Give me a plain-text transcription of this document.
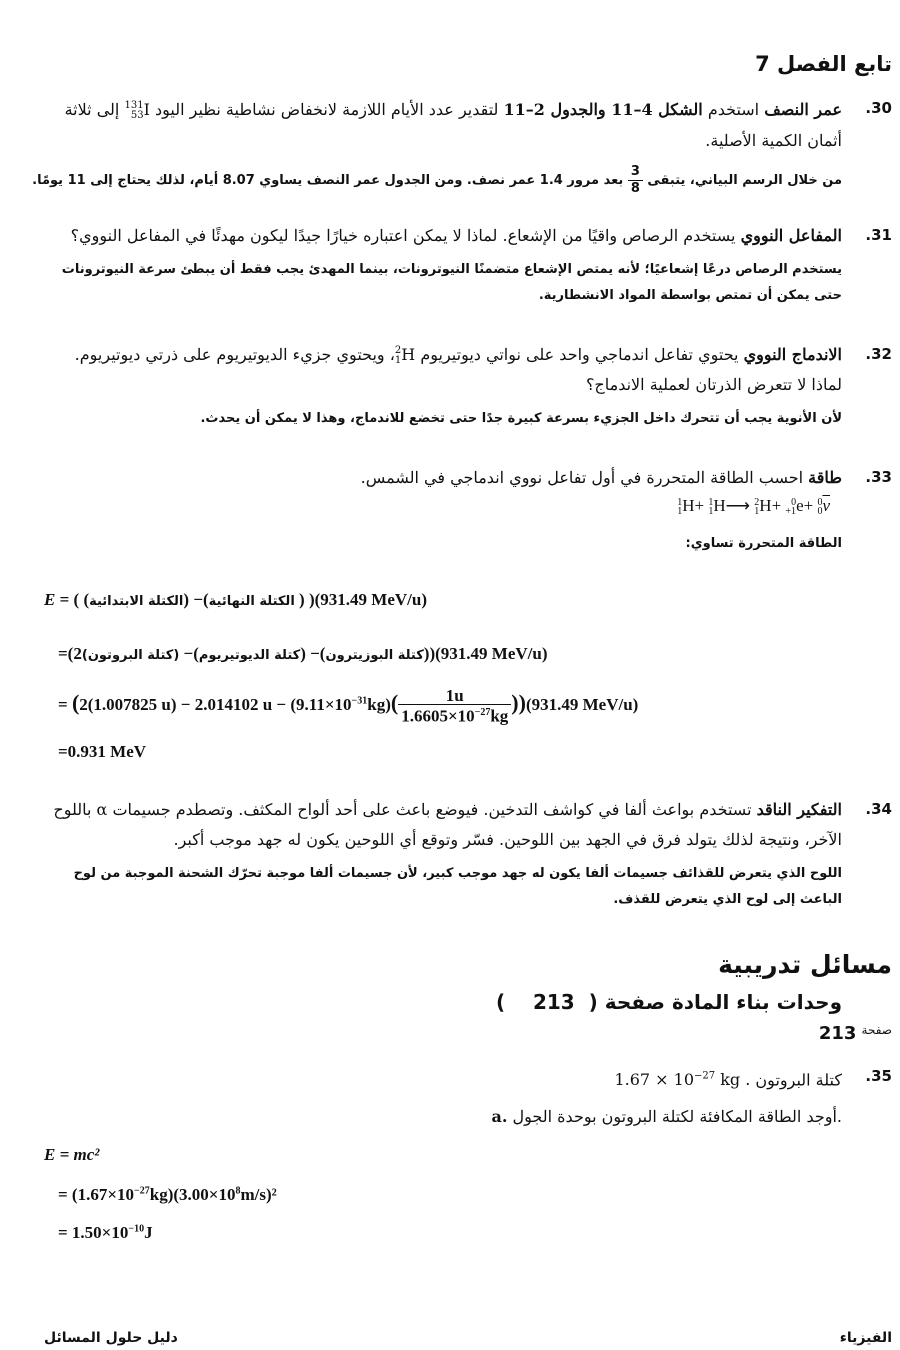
تابع الفصل 7
عمر النصف استخدم الشكل 4–11 والجدول 2–11 لتقدير عدد الأيام اللازمة لانخفاض نشاطية نظير اليود 131
53I إلى ثلاثة	.30
أثمان الكمية الأصلية.
من خلال الرسم البياني، يتبقى
$\frac{3}{8}$
بعد مرور 1.4 عمر نصف. ومن الجدول عمر النصف يساوي 8.07 أيام، لذلك يحتاج إلى 11 يومًا.
.31
المفاعل النووي يستخدم الرصاص واقيًا من الإشعاع. لماذا لا يمكن اعتباره خيارًا جيدًا ليكون مهدئًا في المفاعل النووي؟
يستخدم الرصاص درعًا إشعاعيًا؛ لأنه يمتص الإشعاع متضمنًا النيوترونات، بينما المهدئ يجب فقط أن يبطئ سرعة النيوترونات
حتى يمكن أن تمتص بواسطة المواد الانشطارية.
.32
الاندماج النووي يحتوي تفاعل اندماجي واحد على نواتي ديوتيريوم 2
1H، ويحتوي جزيء الديوتيريوم على ذرتي ديوتيريوم.
لماذا لا تتعرض الذرتان لعملية الاندماج؟
لأن الأنوية يجب أن تتحرك داخل الجزيء بسرعة كبيرة جدًا حتى تخضع للاندماج، وهذا لا يمكن أن يحدث.
.33
طاقة احسب الطاقة المتحررة في أول تفاعل نووي اندماجي في الشمس.
1
1H+ 1
1H⟶ 2
1H+ 0
+1e+ 0
$0\overline{v}$
الطاقة المتحررة تساوي:
E = ( (الكتلة الابتدائية) −(الكتلة النهائية ) )(931.49 MeV/u)
=(2(كتلة البروتون) −(كتلة الديوتيريوم) −(كتلة البوزيترون))(931.49 MeV/u)
= (2(1.007825 u) − 2.014102 $u - (9.11\times 10^{-31}kg)( \frac{1u}{1.6605\times 10^{-27}kg} ))(931.49$ MeV/u)
=0.931 MeV
.34
التفكير الناقد تستخدم بواعث ألفا في كواشف التدخين. فيوضع باعث على أحد ألواح المكثف. وتصطدم جسيمات α باللوح
الآخر، ونتيجة لذلك يتولد فرق في الجهد بين اللوحين. فسّر وتوقع أي اللوحين يكون له جهد موجب أكبر.
اللوح الذي يتعرض للقذائف جسيمات ألفا يكون له جهد موجب كبير، لأن جسيمات ألفا موجبة تحرّك الشحنة الموجبة من لوح
الباعث إلى لوح الذي يتعرض للقذف.
مسائل تدريبية
وحدات بناء المادة صفحة (  213    )
$^{صفحة}$ 213
.35
كتلة البروتون $1.67 \times 10^{-27}$ kg .
a. أوجد الطاقة المكافئة لكتلة البروتون بوحدة الجول.
E = mc²
= $(1.67\times 10^{-27}kg)(3.00\times 10^8m/s)^2$
= $1.50\times 10^{-10}J$
الفيزياء
دليل حلول المسائل
